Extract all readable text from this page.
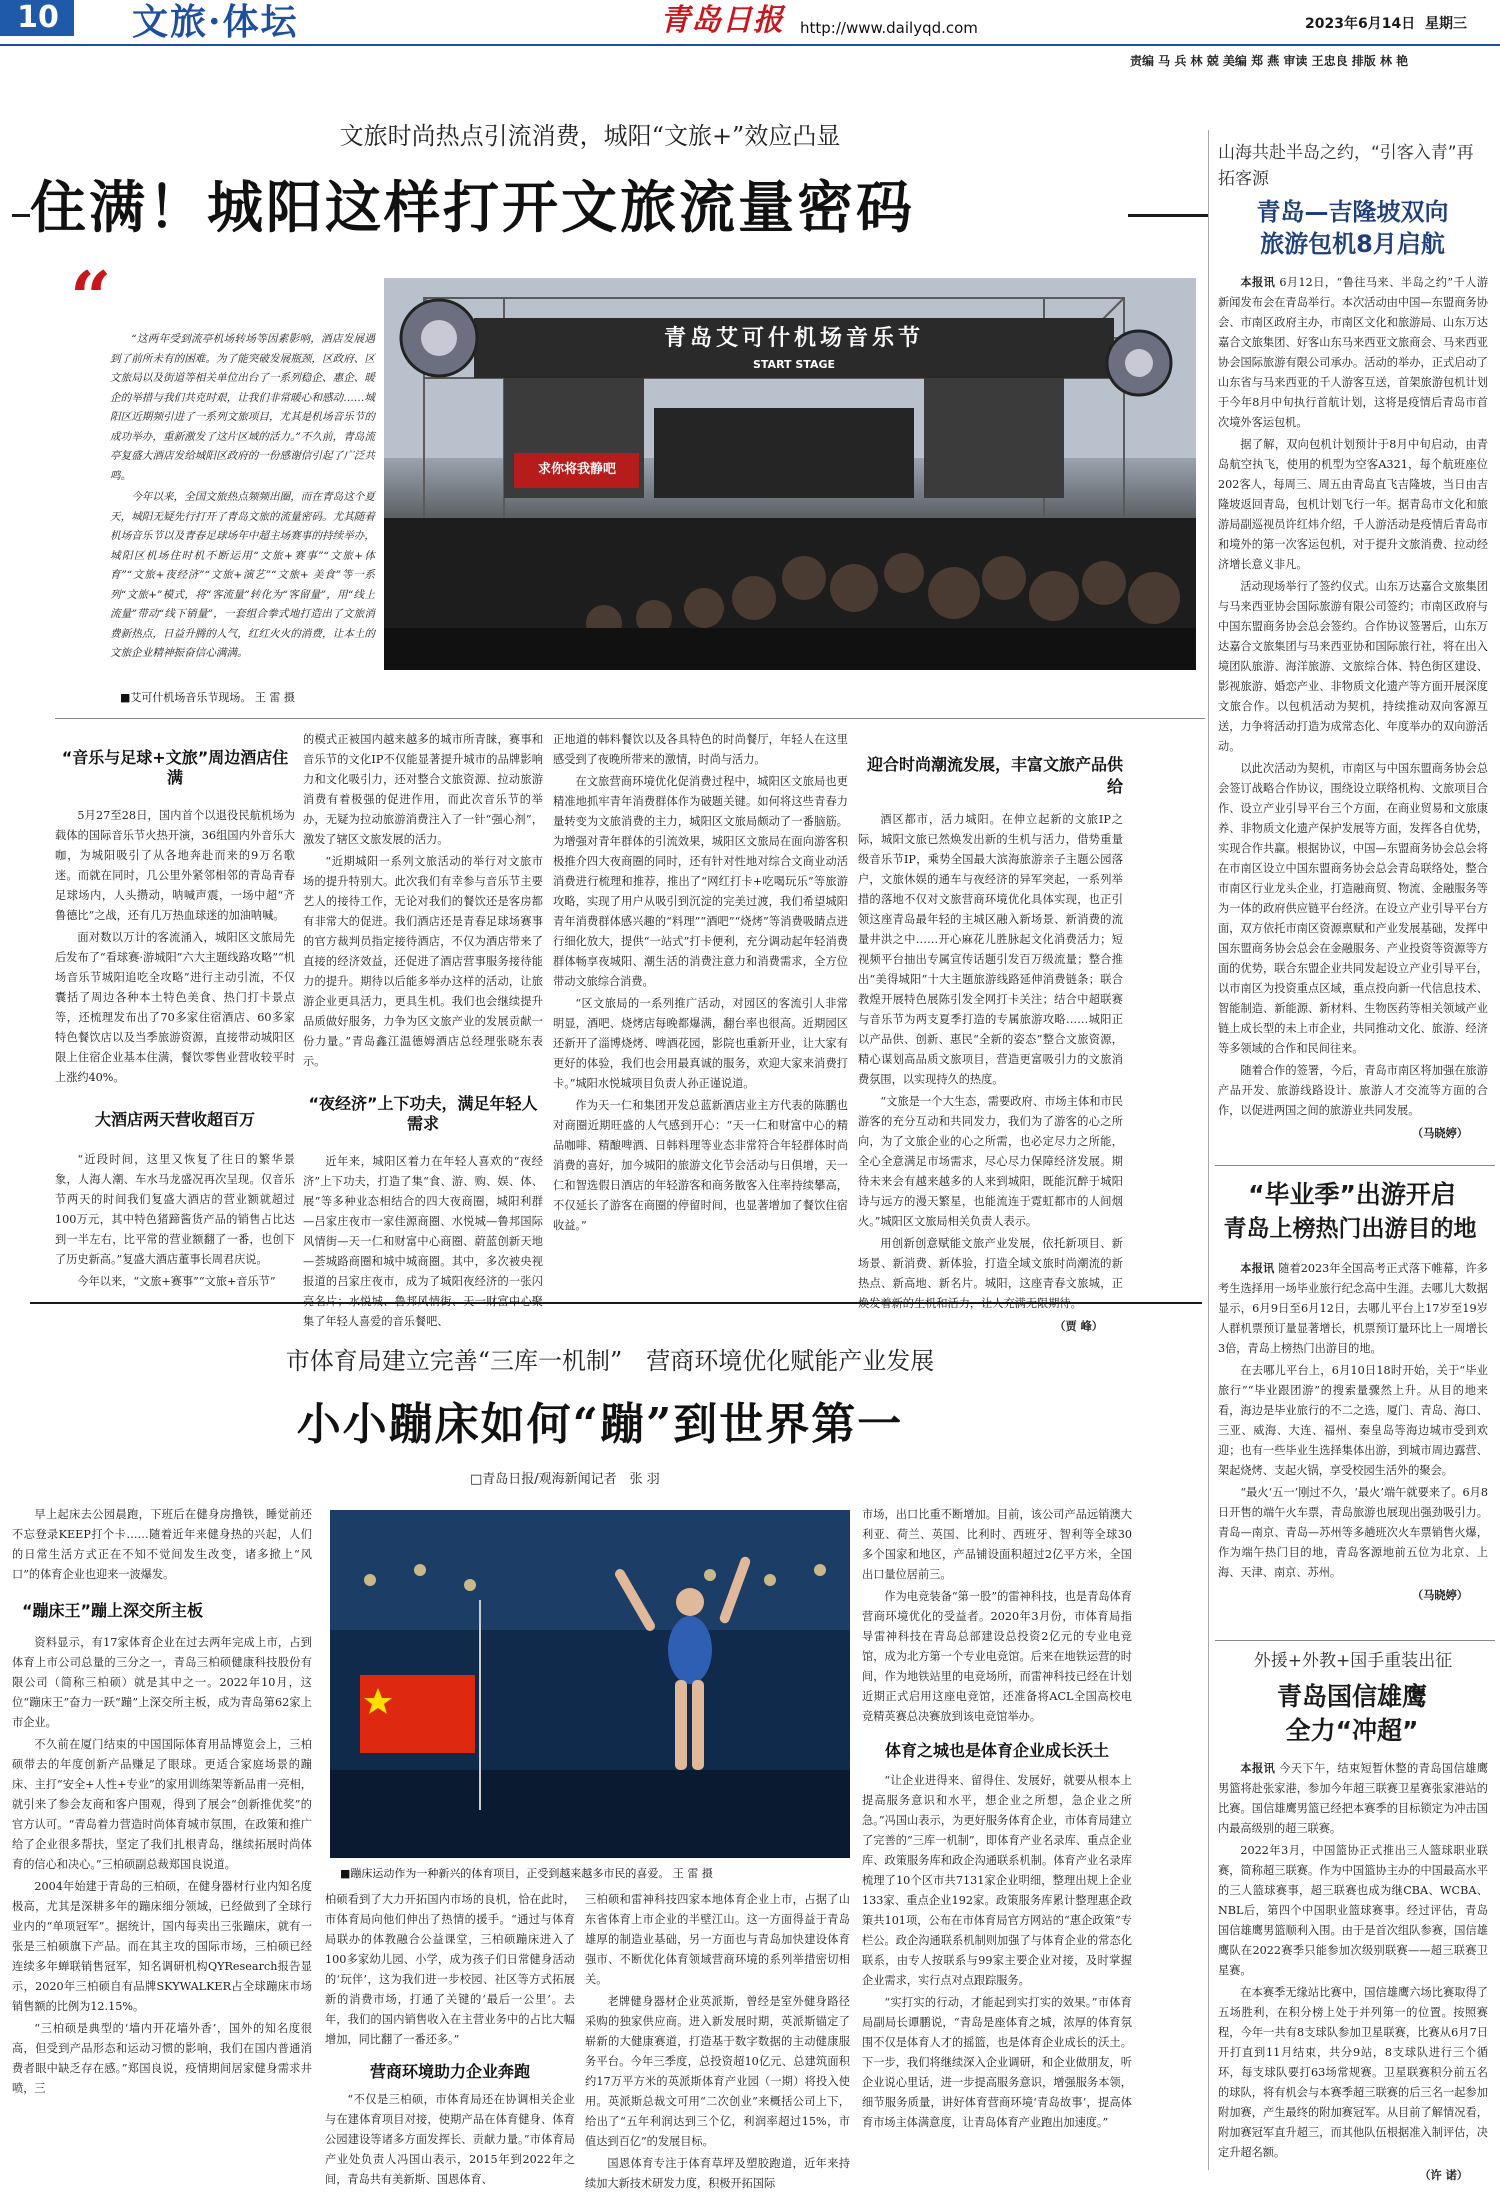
10 文旅·体坛	青岛日报 http://www.dailyqd.com	2023年6月14日 星期三
责编 马 兵 林 兢 美编 郑 燕 审读 王忠良 排版 林 艳
文旅时尚热点引流消费，城阳“文旅+”效应凸显
住满！城阳这样打开文旅流量密码
“	“这两年受到流亭机场转场等因素影响，酒店发展遇到了前所未有的困难。为了能突破发展瓶颈，区政府、区文旅局以及街道等相关单位出台了一系列稳企、惠企、暖企的举措与我们共克时艰，让我们非常暖心和感动……城阳区近期频引进了一系列文旅项目，尤其是机场音乐节的成功举办，重新激发了这片区域的活力。”不久前，青岛流亭复盛大酒店发给城阳区政府的一份感谢信引起了广泛共鸣。

今年以来，全国文旅热点频频出圈，而在青岛这个夏天，城阳无疑先行打开了青岛文旅的流量密码。尤其随着机场音乐节以及青春足球场年中超主场赛事的持续举办，城阳区机场住时机不断运用“文旅+赛事”“文旅+体育”“文旅+夜经济”“文旅+演艺”“文旅+ 美食”等一系列“文旅+”模式，将“客流量”转化为“客留量”，用“线上流量”带动“线下销量”，一套组合拳式地打造出了文旅消费新热点，日益升腾的人气，红红火火的消费，让本土的文旅企业精神振奋信心满满。

青岛艾可什机场音乐节
START STAGE
求你将我静吧
■艾可什机场音乐节现场。 王 雷 摄
“音乐与足球+文旅”周边酒店住满

5月27至28日，国内首个以退役民航机场为载体的国际音乐节火热开演，36组国内外音乐大咖，为城阳吸引了从各地奔赴而来的9万名歌迷。而就在同时，几公里外紧邻相邻的青岛青春足球场内，人头攒动，呐喊声震，一场中超“齐鲁德比”之战，还有几万热血球迷的加油呐喊。

面对数以万计的客流涌入，城阳区文旅局先后发布了“看球赛·游城阳”六大主题线路攻略”“机场音乐节城阳追吃全攻略”进行主动引流，不仅囊括了周边各种本土特色美食、热门打卡景点等，还梳理发布出了70多家住宿酒店、60多家特色餐饮店以及当季旅游资源，直接带动城阳区限上住宿企业基本住满，餐饮零售业营收较平时上涨约40%。

大酒店两天营收超百万

“近段时间，这里又恢复了往日的繁华景象，人海人潮、车水马龙盛况再次呈现。仅音乐节两天的时间我们复盛大酒店的营业额就超过100万元，其中特色猪蹄酱货产品的销售占比达到一半左右，比平常的营业额翻了一番，也创下了历史新高。”复盛大酒店董事长周君庆说。

今年以来，“文旅+赛事”“文旅+音乐节”

的模式正被国内越来越多的城市所青睐，赛事和音乐节的文化IP不仅能显著提升城市的品牌影响力和文化吸引力，还对整合文旅资源、拉动旅游消费有着极强的促进作用，而此次音乐节的举办，无疑为拉动旅游消费注入了一针“强心剂”，激发了辖区文旅发展的活力。

“近期城阳一系列文旅活动的举行对文旅市场的提升特别大。此次我们有幸参与音乐节主要艺人的接待工作，无论对我们的餐饮还是客房都有非常大的促进。我们酒店还是青春足球场赛事的官方裁判员指定接待酒店，不仅为酒店带来了直接的经济效益，还促进了酒店营事服务接待能力的提升。期待以后能多举办这样的活动，让旅游企业更具活力，更具生机。我们也会继续提升品质做好服务，力争为区文旅产业的发展贡献一份力量。”青岛鑫江温德姆酒店总经理张晓东表示。

“夜经济”上下功夫，满足年轻人需求

近年来，城阳区着力在年轻人喜欢的“夜经济”上下功夫，打造了集“食、游、购、娱、体、展”等多种业态相结合的四大夜商圈，城阳利群—吕家庄夜市一家佳源商圈、水悦城—鲁邦国际风情街—天一仁和财富中心商圈、蔚蓝创新天地—荟城路商圈和城中城商圈。其中，多次被央视报道的吕家庄夜市，成为了城阳夜经济的一张闪 集了年轻人喜爱的音乐餐吧、

正地道的韩料餐饮以及各具特色的时尚餐厅，年轻人在这里感受到了夜晚所带来的激情，时尚与活力。

在文旅营商环境优化促消费过程中，城阳区文旅局也更精准地抓牢青年消费群体作为破题关键。如何将这些青春力量转变为文旅消费的主力，城阳区文旅局颇动了一番脑筋。为增强对青年群体的引流效果，城阳区文旅局在面向游客积极推介四大夜商圈的同时，还有针对性地对综合文商业动活消费进行梳理和推荐，推出了“网红打卡+吃喝玩乐”等旅游攻略，实现了用户从吸引到沉淀的完美过渡，我们希望城阳青年消费群体感兴趣的“料理”“酒吧”“烧烤”等消费吸睛点进行细化放大，提供“一站式”打卡便利，充分调动起年轻消费群体畅享夜城阳、潮生活的消费注意力和消费需求，全方位带动文旅综合消费。

“区文旅局的一系列推广活动，对园区的客流引人非常明显，酒吧、烧烤店每晚都爆满，翻台率也很高。近期园区还新开了淄博烧烤、啤酒花园，影院也重新开业，让大家有更好的体验，我们也会用最真诚的服务，欢迎大家来消费打卡。”城阳水悦城项目负责人孙正谨说道。

作为天一仁和集团开发总蓝新酒店业主方代表的陈鹏也对商圈近期旺盛的人气感到开心：“天一仁和财富中心的精品咖啡、精酿啤酒、日韩料理等业态非常符合年轻群体时尚消费的喜好，加今城阳的旅游文化节会活动与日俱增，天一仁和智选假日酒店的年轻游客和商务散客入住率持续攀高，不仅延长了游客在商圈的停留时间，也显著增加了餐饮住宿收益。”

迎合时尚潮流发展，丰富文旅产品供给

酒区都市，活力城阳。在伸立起新的文旅IP之际，城阳文旅已然焕发出新的生机与活力，借势重量级音乐节IP，乘势全国最大滨海旅游亲子主题公园落户，文旅休娱的通车与夜经济的异军突起，一系列举措的落地不仅对文旅营商环境优化具体实现，也正引领这座青岛最年轻的主城区融入新场景、新消费的流量井洪之中……开心麻花儿胜脉起文化消费活力；短视频平台抽出专属宣传话题引发百万级流量；整合推出“美得城阳”十大主题旅游线路延伸消费链条；联合教煌开展特色展陈引发全网打卡关注；结合中超联赛与音乐节为两支夏季打造的专属旅游攻略……城阳正以产品供、创新、惠民“全新的姿态”整合文旅资源，精心谋划高品质文旅项目，营造更富吸引力的文旅消费氛围，以实现持久的热度。

“文旅是一个大生态，需要政府、市场主体和市民游客的充分互动和共同发力，我们为了游客的心之所向，为了文旅企业的心之所需，也必定尽力之所能，全心全意满足市场需求，尽心尽力保障经济发展。期待未来会有越来越多的人来到城阳，既能沉醉于城阳诗与远方的漫天繁星，也能流连于霓虹都市的人间烟火。”城阳区文旅局相关负责人表示。

用创新创意赋能文旅产业发展，依托新项目、新场景、新消费、新体验，打造全域文旅时尚潮流的新热点、新高地、新名片。城阳，这座青春文旅城，正

（贾 峰）
市体育局建立完善“三库一机制”　营商环境优化赋能产业发展
小小蹦床如何“蹦”到世界第一
□青岛日报/观海新闻记者　张 羽
■蹦床运动作为一种新兴的体育项目，正受到越来越多市民的喜爱。 王 雷 摄

早上起床去公园晨跑，下班后在健身房撸铁，睡觉前还不忘登录KEEP打个卡……随着近年来健身热的兴起，人们的日常生活方式正在不知不觉间发生改变，诸多掀上“风口”的体育企业也迎来一波爆发。

“蹦床王”蹦上深交所主板

资料显示，有17家体育企业在过去两年完成上市，占到体育上市公司总量的三分之一，青岛三柏硕健康科技股份有限公司（简称三柏硕）就是其中之一。2022年10月，这位“蹦床王”奋力一跃“蹦”上深交所主板，成为青岛第62家上市企业。

不久前在厦门结束的中国国际体育用品博览会上，三柏硕带去的年度创新产品赚足了眼球。更适合家庭场景的蹦床、主打“安全+人性+专业”的家用训练架等新品甫一亮相，就引来了参会友商和客户围观，得到了展会“创新推优奖”的官方认可。“青岛着力营造时尚体育城市氛围，在政策和推广给了企业很多帮扶，坚定了我们扎根青岛，继续拓展时尚体育的信心和决心。”三柏硕副总裁郑国良说道。

2004年始建于青岛的三柏硕，在健身器材行业内知名度极高，尤其是深耕多年的蹦床细分领域，已经做到了全球行业内的“单项冠军”。据统计，国内每卖出三张蹦床，就有一张是三柏硕旗下产品。而在其主攻的国际市场，三柏硕已经连续多年蝉联销售冠军，知名调研机构QYResearch报告显示，2020年三柏硕自有品牌SKYWALKER占全球蹦床市场销售额的比例为12.15%。

“三柏硕是典型的‘墙内开花墙外香’，国外的知名度很高，但受到产品形态和运动习惯的影响，我们在国内普通消费者眼中缺乏存在感。”郑国良说，疫情期间居家健身需求井喷，三

柏硕看到了大力开拓国内市场的良机，恰在此时，市体育局向他们伸出了热情的援手。“通过与体育局联办的体教融合公益课堂，三柏硕蹦床进入了100多家幼儿园、小学，成为孩子们日常健身活动的‘玩伴’，这为我们进一步校园、社区等方式拓展新的消费市场，打通了关键的‘最后一公里’。去年，我们的国内销售收入在主营业务中的占比大幅增加，同比翻了一番还多。”

营商环境助力企业奔跑

“不仅是三柏硕，市体育局还在协调相关企业与在建体育项目对接，使期产品在体育健身、体育公园建设等诸多方面发挥长、贡献力量。”市体育局产业处负责人冯国山表示，2015年到2022年之间，青岛共有美新斯、国恩体育、

三柏硕和雷神科技四家本地体育企业上市，占据了山东省体育上市企业的半壁江山。这一方面得益于青岛雄厚的制造业基础，另一方面也与青岛加快建设体育强市、不断优化体育领域营商环境的系列举措密切相关。

老牌健身器材企业英派斯，曾经是室外健身路径采购的独家供应商。进入新发展时期，英派斯锚定了崭新的大健康赛道，打造基于数字数据的主动健康服务平台。今年三季度，总投资超10亿元、总建筑面积约17万平方米的英派斯体育产业园（一期）将投入使用。英派斯总裁文可用“二次创业”来概括公司上下，给出了“五年利润达到三个亿，利润率超过15%，市值达到百亿”的发展目标。

国恩体育专注于体育草坪及塑胶跑道，近年来持续加大新技术研发力度，积极开拓国际

市场，出口比重不断增加。目前，该公司产品远销澳大利亚、荷兰、英国、比利时、西班牙、智利等全球30多个国家和地区，产品铺设面积超过2亿平方米，全国出口量位居前三。

作为电竞装备“第一股”的雷神科技，也是青岛体育营商环境优化的受益者。2020年3月份，市体育局指导雷神科技在青岛总部建设总投资2亿元的专业电竞馆，成为北方第一个专业电竞馆。后来在地铁运营的时间，作为地铁站里的电竞场所，而雷神科技已经在计划近期正式启用这座电竞馆，还准备将ACL全国高校电竞精英赛总决赛放到该电竞馆举办。

体育之城也是体育企业成长沃土

“让企业进得来、留得住、发展好，就要从根本上提高服务意识和水平，想企业之所想，急企业之所急。”冯国山表示，为更好服务体育企业，市体育局建立了完善的“三库一机制”，即体育产业名录库、重点企业库、政策服务库和政企沟通联系机制。体育产业名录库梳理了10个区市共7131家企业明细，整理出规上企业133家、重点企业192家。政策服务库累计整理惠企政策共101项，公布在市体育局官方网站的“惠企政策”专栏公。政企沟通联系机制则加强了与体育企业的常态化联系，由专人按联系与99家主要企业对接，及时掌握企业需求，实行点对点跟踪服务。

“实打实的行动，才能起到实打实的效果。”市体育局副局长谭鹏说，“青岛是座体育之城，浓厚的体育氛围不仅是体育人才的摇篮，也是体育企业成长的沃土。下一步，我们将继续深入企业调研，和企业做朋友，听企业说心里话，进一步提高服务意识，增强服务本领，细节服务质量，讲好体育营商环境‘青岛故事’，提高体育市场主体满意度，让青岛体育产业跑出加速度。”

山海共赴半岛之约，“引客入青”再拓客源
青岛—吉隆坡双向
旅游包机8月启航

本报讯 6月12日，“鲁往马来、半岛之约”千人游新闻发布会在青岛举行。本次活动由中国—东盟商务协会、市南区政府主办，市南区文化和旅游局、山东万达嘉合文旅集团、好客山东马来西亚文旅商会、马来西亚协会国际旅游有限公司承办。活动的举办，正式启动了山东省与马来西亚的千人游客互送，首架旅游包机计划于今年8月中旬执行首航计划，这将是疫情后青岛市首次境外客运包机。

据了解，双向包机计划预计于8月中旬启动，由青岛航空执飞，使用的机型为空客A321，每个航班座位202客人，每周三、周五由青岛直飞吉隆坡，当日由吉隆坡返回青岛，包机计划飞行一年。据青岛市文化和旅游局副巡视员许红炜介绍，千人游活动是疫情后青岛市和境外的第一次客运包机，对于提升文旅消费、拉动经济增长意义非凡。

活动现场举行了签约仪式。山东万达嘉合文旅集团与马来西亚协会国际旅游有限公司签约；市南区政府与中国东盟商务协会总会签约。合作协议签署后，山东万达嘉合文旅集团与马来西亚协和国际旅行社，将在出入境团队旅游、海洋旅游、文旅综合体、特色街区建设、影视旅游、婚恋产业、非物质文化遗产等方面开展深度文旅合作。以包机活动为契机，持续推动双向客源互送，力争将活动打造为成常态化、年度举办的双向游活动。

以此次活动为契机，市南区与中国东盟商务协会总会签订战略合作协议，围绕设立联络机构、文旅项目合作、设立产业引导平台三个方面，在商业贸易和文旅康养、非物质文化遗产保护发展等方面，发挥各自优势，实现合作共赢。根据协议，中国—东盟商务协会总会将在市南区设立中国东盟商务协会总会青岛联络处，整合市南区行业龙头企业，打造融商贸、物流、金融服务等为一体的政府供应链平台经济。在设立产业引导平台方面，双方依托市南区资源禀赋和产业发展基础，发挥中国东盟商务协会总会在金融服务、产业投资等资源等方面的优势，联合东盟企业共同发起设立产业引导平台，以市南区为投资重点区域，重点投向新一代信息技术、智能制造、新能源、新材料、生物医药等相关领域产业链上成长型的未上市企业，共同推动文化、旅游、经济等多领域的合作和民间往来。

随着合作的签署，今后，青岛市南区将加强在旅游产品开发、旅游线路设计、旅游人才交流等方面的合作，以促进两国之间的旅游业共同发展。

（马晓婷）
“毕业季”出游开启
青岛上榜热门出游目的地

本报讯 随着2023年全国高考正式落下帷幕，许多考生选择用一场毕业旅行纪念高中生涯。去哪儿大数据显示，6月9日至6月12日，去哪儿平台上17岁至19岁人群机票预订量显著增长，机票预订量环比上一周增长3倍，青岛上榜热门出游目的地。

在去哪儿平台上，6月10日18时开始，关于“毕业旅行”“毕业跟团游”的搜索量骤然上升。从目的地来看，海边是毕业旅行的不二之选，厦门、青岛、海口、三亚、威海、大连、福州、秦皇岛等海边城市受到欢迎；也有一些毕业生选择集体出游，到城市周边露营、架起烧烤、支起火锅，享受校园生活外的聚会。

“最火‘五一’刚过不久，‘最火’端午就要来了。6月8日开售的端午火车票，青岛旅游也展现出强劲吸引力。青岛—南京、青岛—苏州等多趟班次火车票销售火爆，作为端午热门目的地，青岛客源地前五位为北京、上海、天津、南京、苏州。

（马晓婷）
外援+外教+国手重装出征
青岛国信雄鹰
全力“冲超”

本报讯 今天下午，结束短暂休整的青岛国信雄鹰男篮将赴张家港，参加今年超三联赛卫星赛张家港站的比赛。国信雄鹰男篮已经把本赛季的目标锁定为冲击国内最高级别的超三联赛。

2022年3月，中国篮协正式推出三人篮球职业联赛，简称超三联赛。作为中国篮协主办的中国最高水平的三人篮球赛事，超三联赛也成为继CBA、WCBA、NBL后，第四个中国职业篮球赛事。经过评估，青岛国信雄鹰男篮顺利入围。由于是首次组队参赛，国信雄鹰队在2022赛季只能参加次级别联赛——超三联赛卫星赛。

在本赛季无缘站比赛中，国信雄鹰六场比赛取得了五场胜利，在积分榜上处于并列第一的位置。按照赛程，今年一共有8支球队参加卫星联赛，比赛从6月7日开打直到11月结束，共分9站，8支球队进行三个循环，每支球队要打63场常规赛。卫星联赛积分前五名的球队，将有机会与本赛季超三联赛的后三名一起参加附加赛，产生最终的附加赛冠军。从目前了解情况看，附加赛冠军直升超三，而其他队伍根据准入制评估，决定升超名额。

（许 诺）
